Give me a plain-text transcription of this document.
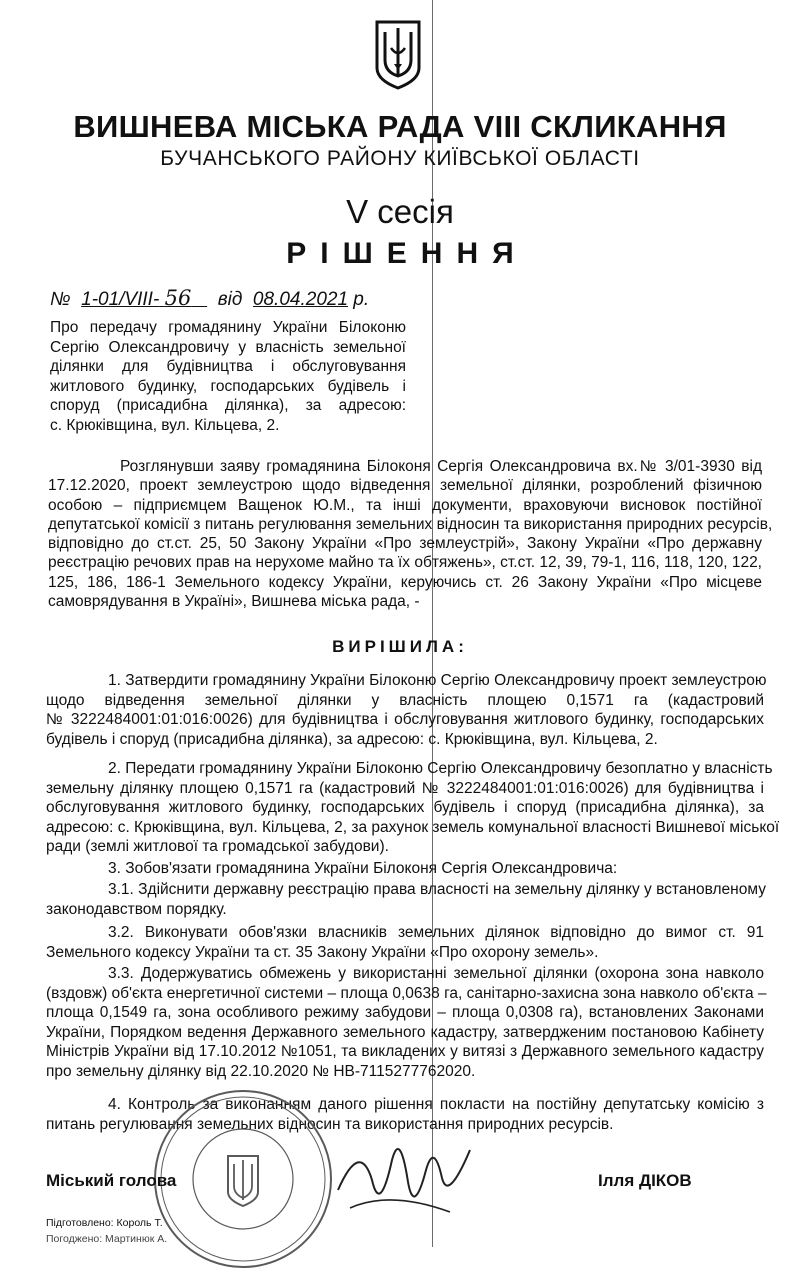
ВИШНЕВА МІСЬКА РАДА VIII СКЛИКАННЯ
БУЧАНСЬКОГО РАЙОНУ КИЇВСЬКОЇ ОБЛАСТІ
V сесія
РІШЕННЯ
№ 1-01/VIII- 56 від 08.04.2021 р.
Про передачу громадянину України Білоконю
Сергію Олександровичу у власність земельної
ділянки для будівництва і обслуговування
житлового будинку, господарських будівель і
споруд (присадибна ділянка), за адресою:
с. Крюківщина, вул. Кільцева, 2.
Розглянувши заяву громадянина Білоконя Сергія Олександровича вх.№ 3/01-3930 від
17.12.2020, проект землеустрою щодо відведення земельної ділянки, розроблений фізичною
особою – підприємцем Ващенок Ю.М., та інші документи, враховуючи висновок постійної
депутатської комісії з питань регулювання земельних відносин та використання природних ресурсів,
відповідно до ст.ст. 25, 50 Закону України «Про землеустрій», Закону України «Про державну
реєстрацію речових прав на нерухоме майно та їх обтяжень», ст.ст. 12, 39, 79-1, 116, 118, 120, 122,
125, 186, 186-1 Земельного кодексу України, керуючись ст. 26 Закону України «Про місцеве
самоврядування в Україні», Вишнева міська рада, -
ВИРІШИЛА:
1. Затвердити громадянину України Білоконю Сергію Олександровичу проект землеустрою
щодо відведення земельної ділянки у власність площею 0,1571 га (кадастровий
№ 3222484001:01:016:0026) для будівництва і обслуговування житлового будинку, господарських
будівель і споруд (присадибна ділянка), за адресою: с. Крюківщина, вул. Кільцева, 2.
2. Передати громадянину України Білоконю Сергію Олександровичу безоплатно у власність
земельну ділянку площею 0,1571 га (кадастровий № 3222484001:01:016:0026) для будівництва і
обслуговування житлового будинку, господарських будівель і споруд (присадибна ділянка), за
адресою: с. Крюківщина, вул. Кільцева, 2, за рахунок земель комунальної власності Вишневої міської
ради (землі житлової та громадської забудови).
3. Зобов'язати громадянина України Білоконя Сергія Олександровича:
3.1. Здійснити державну реєстрацію права власності на земельну ділянку у встановленому
законодавством порядку.
3.2. Виконувати обов'язки власників земельних ділянок відповідно до вимог ст. 91
Земельного кодексу України та ст. 35 Закону України «Про охорону земель».
3.3. Додержуватись обмежень у використанні земельної ділянки (охорона зона навколо
(вздовж) об'єкта енергетичної системи – площа 0,0638 га, санітарно-захисна зона навколо об'єкта –
площа 0,1549 га, зона особливого режиму забудови – площа 0,0308 га), встановлених Законами
України, Порядком ведення Державного земельного кадастру, затвердженим постановою Кабінету
Міністрів України від 17.10.2012 №1051, та викладених у витязі з Державного земельного кадастру
про земельну ділянку від 22.10.2020 № НВ-7115277762020.
4. Контроль за виконанням даного рішення покласти на постійну депутатську комісію з
питань регулювання земельних відносин та використання природних ресурсів.
Міський голова	Ілля ДІКОВ
Підготовлено: Король Т.
Погоджено: Мартинюк А.
